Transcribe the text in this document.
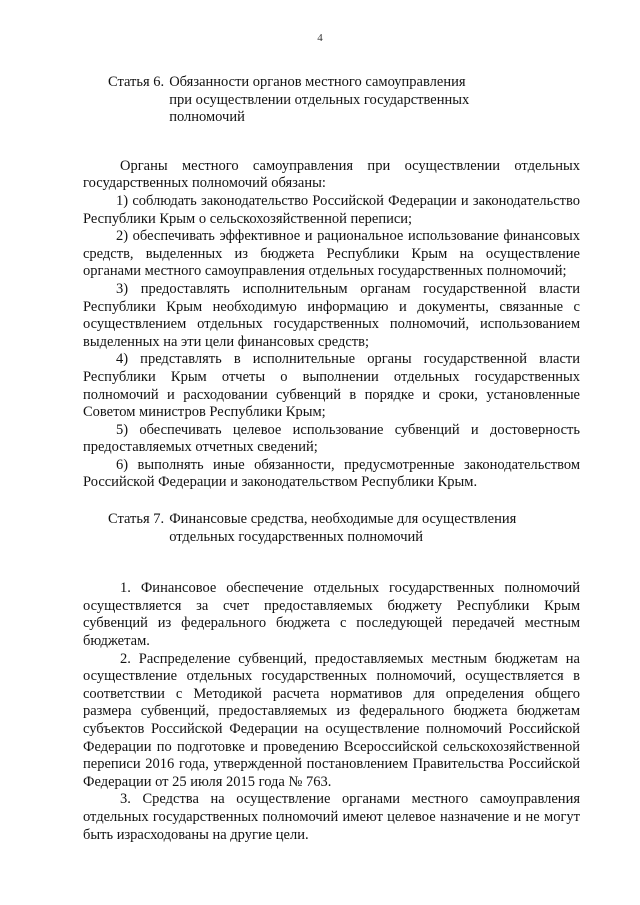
4
Статья 6. Обязанности органов местного самоуправления
при осуществлении отдельных государственных
полномочий

Органы местного самоуправления при осуществлении отдельных государственных полномочий обязаны:

1) соблюдать законодательство Российской Федерации и законодательство Республики Крым о сельскохозяйственной переписи;

2) обеспечивать эффективное и рациональное использование финансовых средств, выделенных из бюджета Республики Крым на осуществление органами местного самоуправления отдельных государственных полномочий;

3) предоставлять исполнительным органам государственной власти Республики Крым необходимую информацию и документы, связанные с осуществлением отдельных государственных полномочий, использованием выделенных на эти цели финансовых средств;

4) представлять в исполнительные органы государственной власти Республики Крым отчеты о выполнении отдельных государственных полномочий и расходовании субвенций в порядке и сроки, установленные Советом министров Республики Крым;

5) обеспечивать целевое использование субвенций и достоверность предоставляемых отчетных сведений;

6) выполнять иные обязанности, предусмотренные законодательством Российской Федерации и законодательством Республики Крым.

Статья 7. Финансовые средства, необходимые для осуществления
отдельных государственных полномочий

1. Финансовое обеспечение отдельных государственных полномочий осуществляется за счет предоставляемых бюджету Республики Крым субвенций из федерального бюджета с последующей передачей местным бюджетам.

2. Распределение субвенций, предоставляемых местным бюджетам на осуществление отдельных государственных полномочий, осуществляется в соответствии с Методикой расчета нормативов для определения общего размера субвенций, предоставляемых из федерального бюджета бюджетам субъектов Российской Федерации на осуществление полномочий Российской Федерации по подготовке и проведению Всероссийской сельскохозяйственной переписи 2016 года, утвержденной постановлением Правительства Российской Федерации от 25 июля 2015 года № 763.

3. Средства на осуществление органами местного самоуправления отдельных государственных полномочий имеют целевое назначение и не могут быть израсходованы на другие цели.
